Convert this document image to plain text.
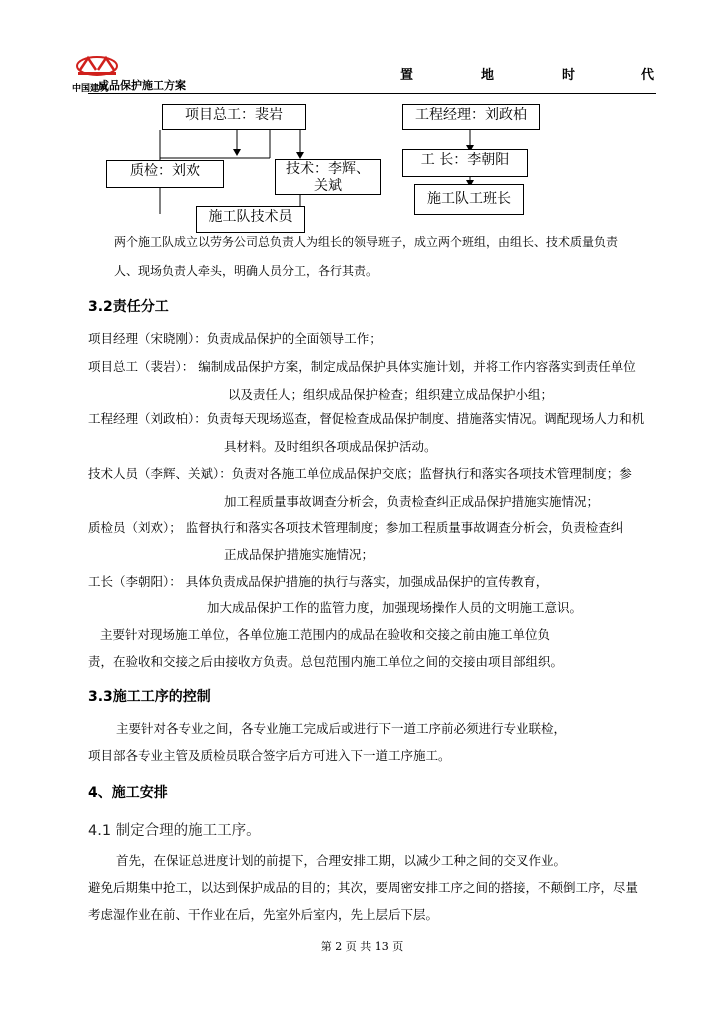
中国建筑
成品保护施工方案
置	地	时	代
项目总工：裴岩	工程经理：刘政柏
质检：刘欢	技术：李辉、
关斌
工 长：李朝阳
施工队工班长
施工队技术员
两个施工队成立以劳务公司总负责人为组长的领导班子，成立两个班组，由组长、技术质量负责
人、现场负责人牵头，明确人员分工，各行其责。
3.2责任分工
项目经理（宋晓刚）：负责成品保护的全面领导工作；
项目总工（裴岩）： 编制成品保护方案，制定成品保护具体实施计划，并将工作内容落实到责任单位
以及责任人；组织成品保护检查；组织建立成品保护小组；
工程经理（刘政柏）：负责每天现场巡查，督促检查成品保护制度、措施落实情况。调配现场人力和机
具材料。及时组织各项成品保护活动。
技术人员（李辉、关斌）：负责对各施工单位成品保护交底；监督执行和落实各项技术管理制度；参
加工程质量事故调查分析会，负责检查纠正成品保护措施实施情况；
质检员（刘欢）； 监督执行和落实各项技术管理制度；参加工程质量事故调查分析会，负责检查纠
正成品保护措施实施情况；
工长（李朝阳）： 具体负责成品保护措施的执行与落实，加强成品保护的宣传教育，
加大成品保护工作的监管力度，加强现场操作人员的文明施工意识。
主要针对现场施工单位，各单位施工范围内的成品在验收和交接之前由施工单位负
责，在验收和交接之后由接收方负责。总包范围内施工单位之间的交接由项目部组织。
3.3施工工序的控制
主要针对各专业之间，各专业施工完成后或进行下一道工序前必须进行专业联检，
项目部各专业主管及质检员联合签字后方可进入下一道工序施工。
4、施工安排
4.1 制定合理的施工工序。
首先，在保证总进度计划的前提下，合理安排工期，以减少工种之间的交叉作业。
避免后期集中抢工，以达到保护成品的目的；其次，要周密安排工序之间的搭接，不颠倒工序，尽量
考虑湿作业在前、干作业在后，先室外后室内，先上层后下层。
第 2 页 共 13 页
